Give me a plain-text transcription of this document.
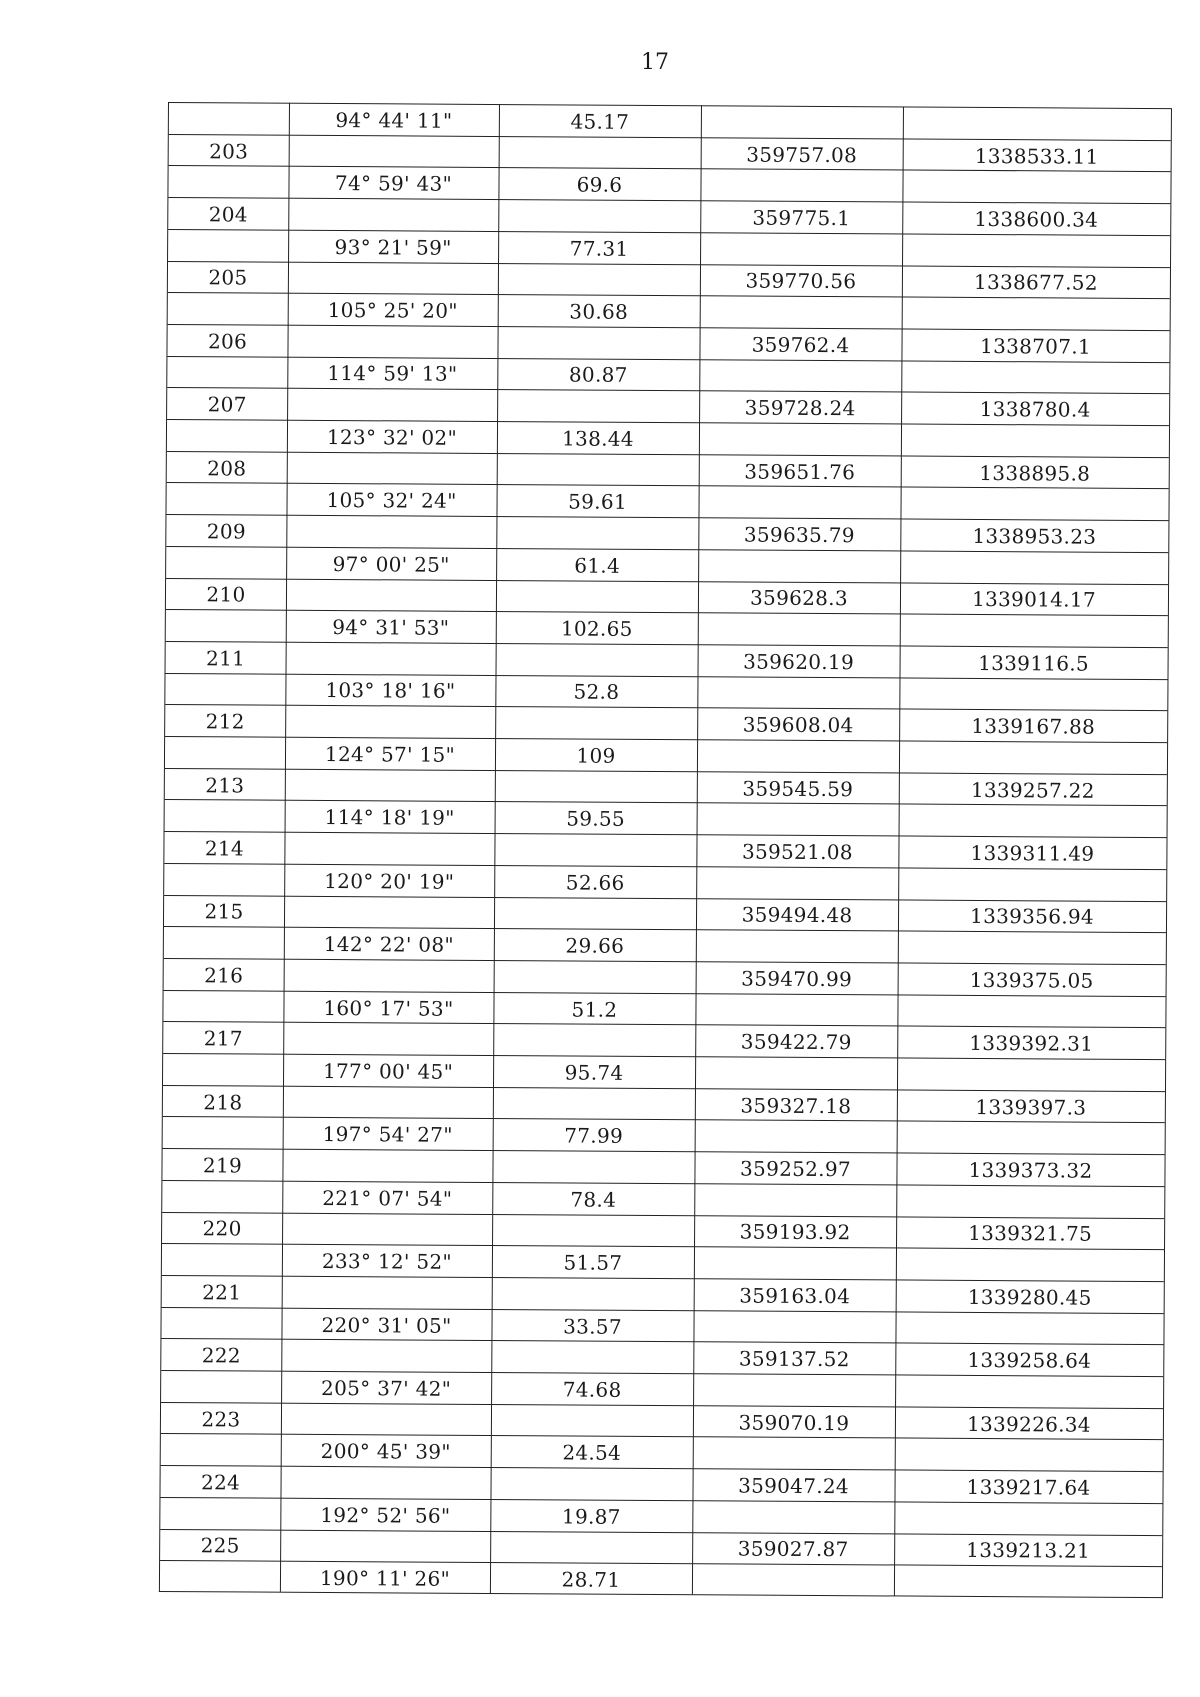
17
94° 44' 11"	45.17
203	359757.08	1338533.11
74° 59' 43"	69.6
204	359775.1	1338600.34
93° 21' 59"	77.31
205	359770.56	1338677.52
105° 25' 20"	30.68
206	359762.4	1338707.1
114° 59' 13"	80.87
207	359728.24	1338780.4
123° 32' 02"	138.44
208	359651.76	1338895.8
105° 32' 24"	59.61
209	359635.79	1338953.23
97° 00' 25"	61.4
210	359628.3	1339014.17
94° 31' 53"	102.65
211	359620.19	1339116.5
103° 18' 16"	52.8
212	359608.04	1339167.88
124° 57' 15"	109
213	359545.59	1339257.22
114° 18' 19"	59.55
214	359521.08	1339311.49
120° 20' 19"	52.66
215	359494.48	1339356.94
142° 22' 08"	29.66
216	359470.99	1339375.05
160° 17' 53"	51.2
217	359422.79	1339392.31
177° 00' 45"	95.74
218	359327.18	1339397.3
197° 54' 27"	77.99
219	359252.97	1339373.32
221° 07' 54"	78.4
220	359193.92	1339321.75
233° 12' 52"	51.57
221	359163.04	1339280.45
220° 31' 05"	33.57
222	359137.52	1339258.64
205° 37' 42"	74.68
223	359070.19	1339226.34
200° 45' 39"	24.54
224	359047.24	1339217.64
192° 52' 56"	19.87
225	359027.87	1339213.21
190° 11' 26"	28.71
